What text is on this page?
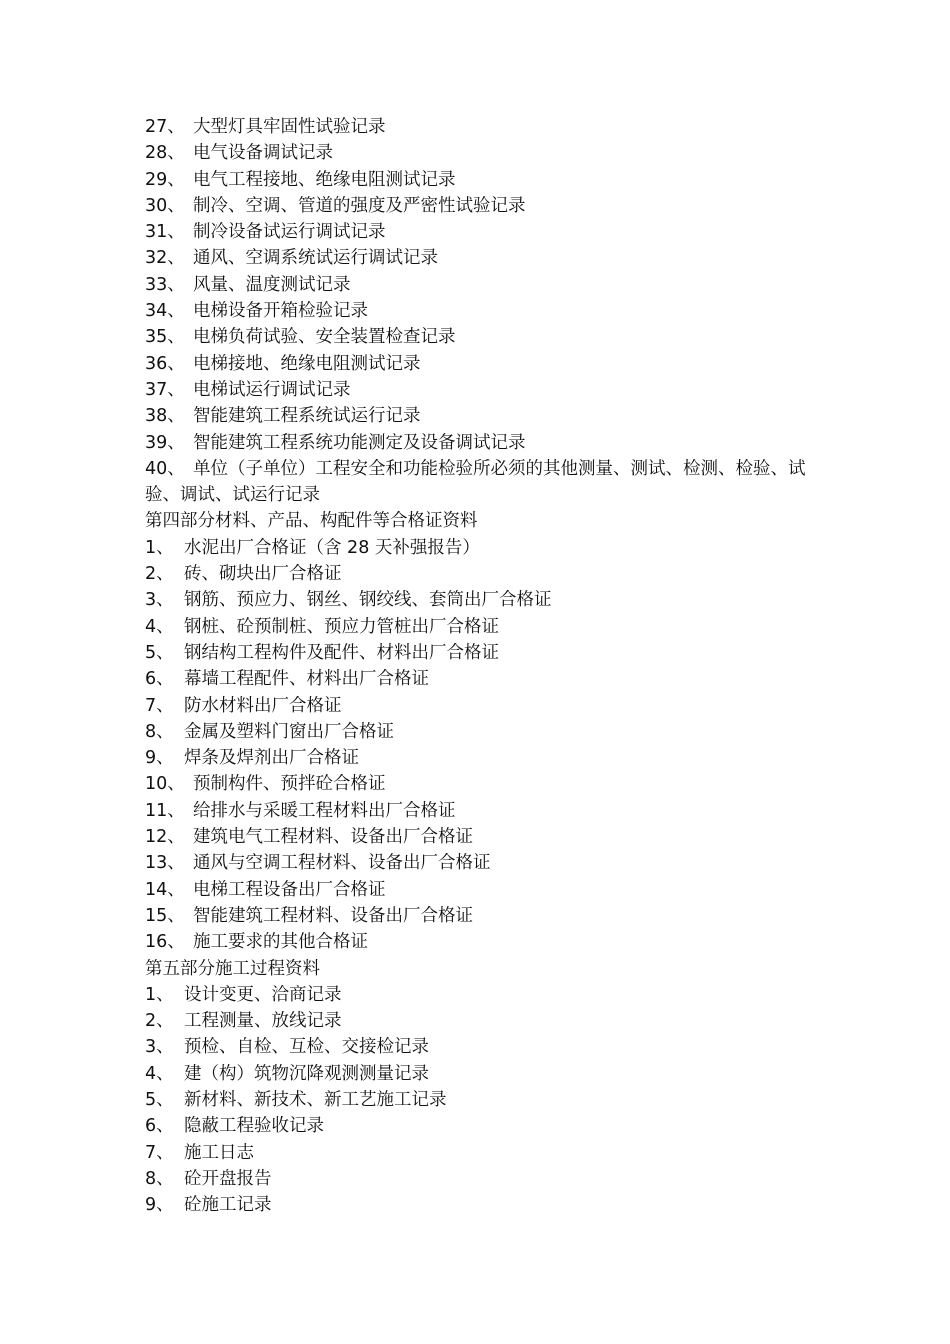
27、 大型灯具牢固性试验记录
28、 电气设备调试记录
29、 电气工程接地、绝缘电阻测试记录
30、 制冷、空调、管道的强度及严密性试验记录
31、 制冷设备试运行调试记录
32、 通风、空调系统试运行调试记录
33、 风量、温度测试记录
34、 电梯设备开箱检验记录
35、 电梯负荷试验、安全装置检查记录
36、 电梯接地、绝缘电阻测试记录
37、 电梯试运行调试记录
38、 智能建筑工程系统试运行记录
39、 智能建筑工程系统功能测定及设备调试记录
40、 单位（子单位）工程安全和功能检验所必须的其他测量、测试、检测、检验、试验、调试、试运行记录
第四部分材料、产品、构配件等合格证资料
1、 水泥出厂合格证（含 28 天补强报告）
2、 砖、砌块出厂合格证
3、 钢筋、预应力、钢丝、钢绞线、套筒出厂合格证
4、 钢桩、砼预制桩、预应力管桩出厂合格证
5、 钢结构工程构件及配件、材料出厂合格证
6、 幕墙工程配件、材料出厂合格证
7、 防水材料出厂合格证
8、 金属及塑料门窗出厂合格证
9、 焊条及焊剂出厂合格证
10、 预制构件、预拌砼合格证
11、 给排水与采暖工程材料出厂合格证
12、 建筑电气工程材料、设备出厂合格证
13、 通风与空调工程材料、设备出厂合格证
14、 电梯工程设备出厂合格证
15、 智能建筑工程材料、设备出厂合格证
16、 施工要求的其他合格证
第五部分施工过程资料
1、 设计变更、洽商记录
2、 工程测量、放线记录
3、 预检、自检、互检、交接检记录
4、 建（构）筑物沉降观测测量记录
5、 新材料、新技术、新工艺施工记录
6、 隐蔽工程验收记录
7、 施工日志
8、 砼开盘报告
9、 砼施工记录
